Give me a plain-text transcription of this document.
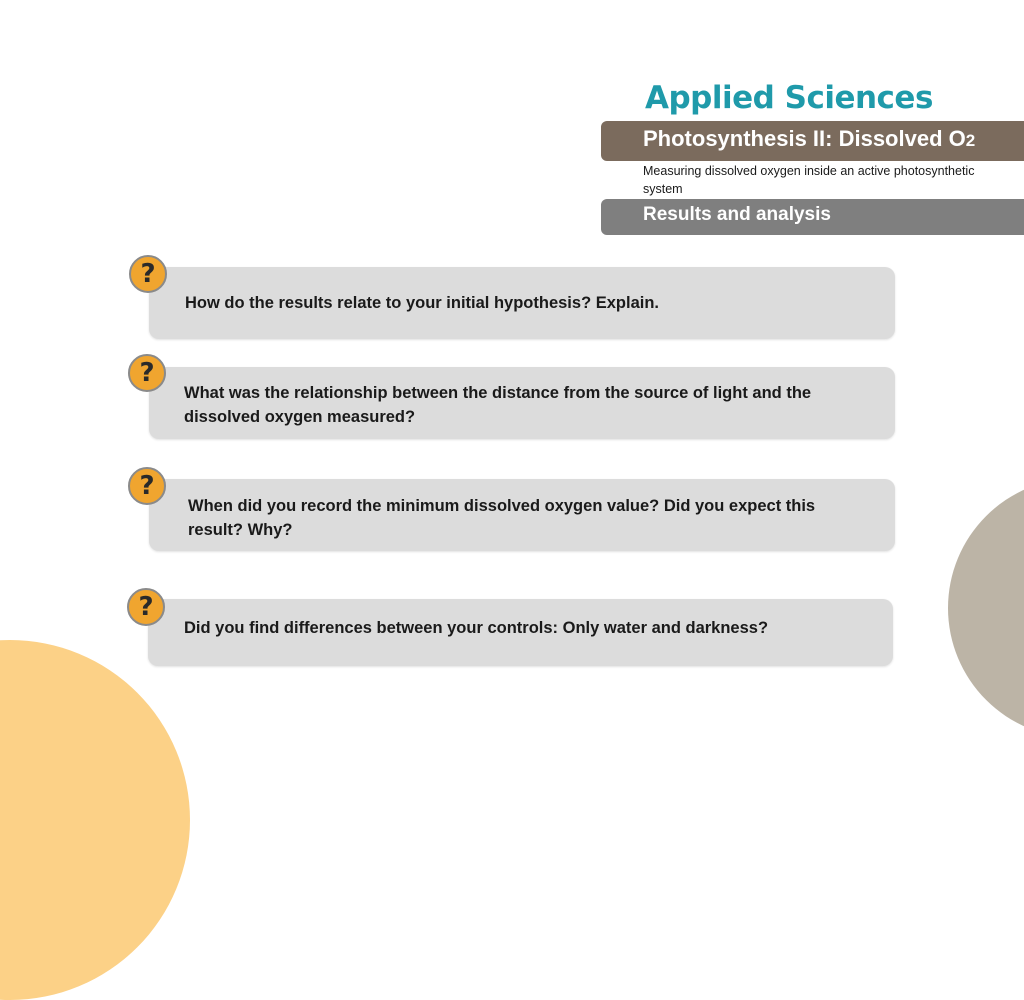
Applied Sciences
Photosynthesis II: Dissolved O2
Measuring dissolved oxygen inside an active photosynthetic system
Results and analysis
How do the results relate to your initial hypothesis? Explain.
?
What was the relationship between the distance from the source of light and the dissolved oxygen measured?
?
When did you record the minimum dissolved oxygen value? Did you expect this result? Why?
?
Did you find differences between your controls: Only water and darkness?
?
